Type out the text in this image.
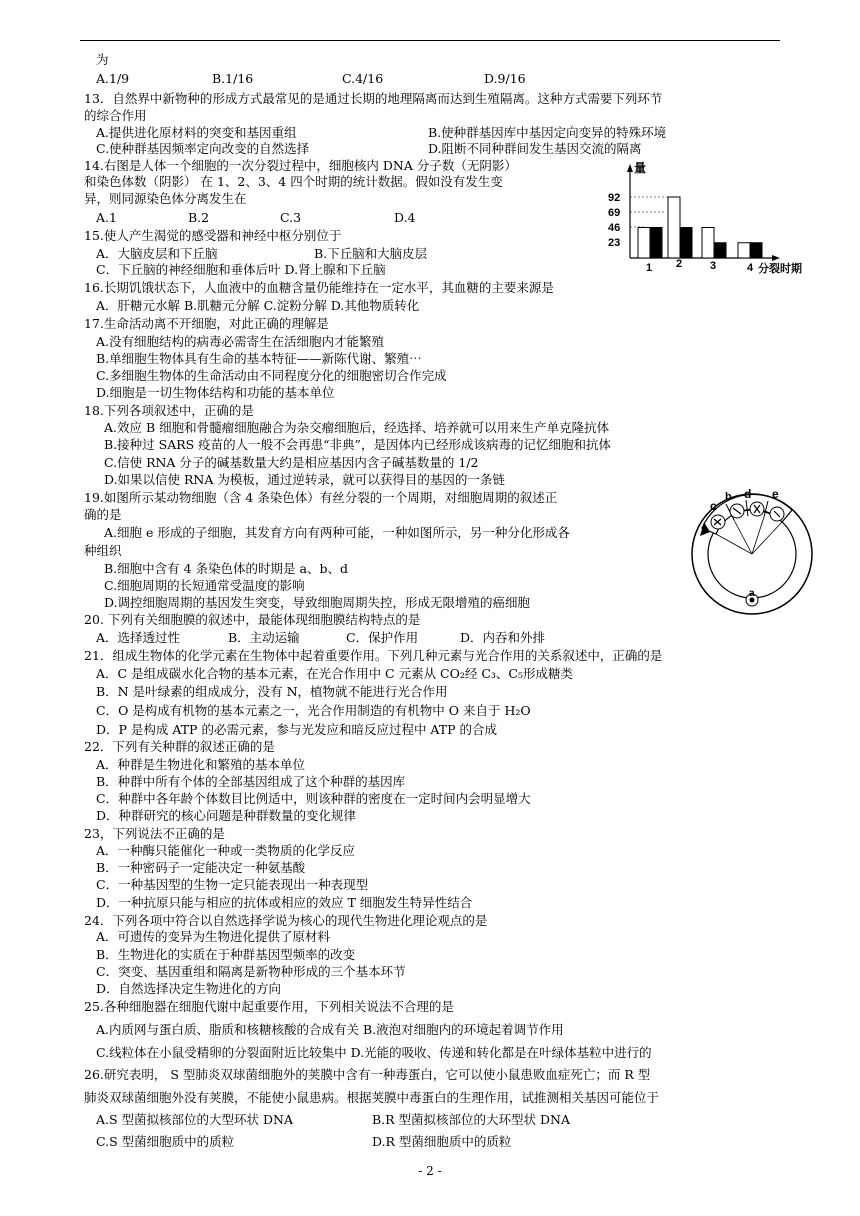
为
A.1/9	B.1/16	C.4/16	D.9/16
13．自然界中新物种的形成方式最常见的是通过长期的地理隔离而达到生殖隔离。这种方式需要下列环节
的综合作用
A.提供进化原材料的突变和基因重组	B.使种群基因库中基因定向变异的特殊环境
C.使种群基因频率定向改变的自然选择	D.阻断不同种群间发生基因交流的隔离
14.右图是人体一个细胞的一次分裂过程中，细胞核内 DNA 分子数（无阴影）
和染色体数（阴影） 在 1、2、3、4 四个时期的统计数据。假如没有发生变
异，则同源染色体分离发生在
A.1	B.2	C.3	D.4
15.使人产生渴觉的感受器和神经中枢分别位于
A．大脑皮层和下丘脑	B.下丘脑和大脑皮层
C．下丘脑的神经细胞和垂体后叶 D.肾上腺和下丘脑
16.长期饥饿状态下，人血液中的血糖含量仍能维持在一定水平，其血糖的主要来源是
A．肝糖元水解 B.肌糖元分解 C.淀粉分解 D.其他物质转化
17.生命活动离不开细胞，对此正确的理解是
A.没有细胞结构的病毒必需寄生在活细胞内才能繁殖
B.单细胞生物体具有生命的基本特征——新陈代谢、繁殖⋯
C.多细胞生物体的生命活动由不同程度分化的细胞密切合作完成
D.细胞是一切生物体结构和功能的基本单位
18.下列各项叙述中，正确的是
A.效应 B 细胞和骨髓瘤细胞融合为杂交瘤细胞后，经选择、培养就可以用来生产单克隆抗体
B.接种过 SARS 疫苗的人一般不会再患“非典”，是因体内已经形成该病毒的记忆细胞和抗体
C.信使 RNA 分子的碱基数量大约是相应基因内含子碱基数量的 1/2
D.如果以信使 RNA 为模板，通过逆转录，就可以获得目的基因的一条链
19.如图所示某动物细胞（含 4 条染色体）有丝分裂的一个周期，对细胞周期的叙述正
确的是
A.细胞 e 形成的子细胞，其发育方向有两种可能，一种如图所示，另一种分化形成各
种组织
B.细胞中含有 4 条染色体的时期是 a、b、d
C.细胞周期的长短通常受温度的影响
D.调控细胞周期的基因发生突变，导致细胞周期失控，形成无限增殖的癌细胞
20. 下列有关细胞膜的叙述中，最能体现细胞膜结构特点的是
A．选择透过性	B．主动运输	C．保护作用	D．内吞和外排
21．组成生物体的化学元素在生物体中起着重要作用。下列几种元素与光合作用的关系叙述中，正确的是
A．C 是组成碳水化合物的基本元素，在光合作用中 C 元素从 CO₂经 C₃、C₅形成糖类
B．N 是叶绿素的组成成分，没有 N，植物就不能进行光合作用
C．O 是构成有机物的基本元素之一，光合作用制造的有机物中 O 来自于 H₂O
D．P 是构成 ATP 的必需元素，参与光发应和暗反应过程中 ATP 的合成
22．下列有关种群的叙述正确的是
A．种群是生物进化和繁殖的基本单位
B．种群中所有个体的全部基因组成了这个种群的基因库
C．种群中各年龄个体数目比例适中，则该种群的密度在一定时间内会明显增大
D．种群研究的核心问题是种群数量的变化规律
23，下列说法不正确的是
A．一种酶只能催化一种或一类物质的化学反应
B．一种密码子一定能决定一种氨基酸
C．一种基因型的生物一定只能表现出一种表现型
D．一种抗原只能与相应的抗体或相应的效应 T 细胞发生特异性结合
24．下列各项中符合以自然选择学说为核心的现代生物进化理论观点的是
A．可遗传的变异为生物进化提供了原材料
B．生物进化的实质在于种群基因型频率的改变
C．突变、基因重组和隔离是新物种形成的三个基本环节
D．自然选择决定生物进化的方向
25.各种细胞器在细胞代谢中起重要作用，下列相关说法不合理的是
A.内质网与蛋白质、脂质和核糖核酸的合成有关 B.液泡对细胞内的环境起着调节作用
C.线粒体在小鼠受精卵的分裂面附近比较集中 D.光能的吸收、传递和转化都是在叶绿体基粒中进行的
26.研究表明， S 型肺炎双球菌细胞外的荚膜中含有一种毒蛋白，它可以使小鼠患败血症死亡；而 R 型
肺炎双球菌细胞外没有荚膜，不能使小鼠患病。根据荚膜中毒蛋白的生理作用，试推测相关基因可能位于
A.S 型菌拟核部位的大型环状 DNA	B.R 型菌拟核部位的大环型状 DNA
C.S 型菌细胞质中的质粒	D.R 型菌细胞质中的质粒
量
分裂时期
92
69
46
23
1 2	3	4
c
d e
b
a
- 2 -
